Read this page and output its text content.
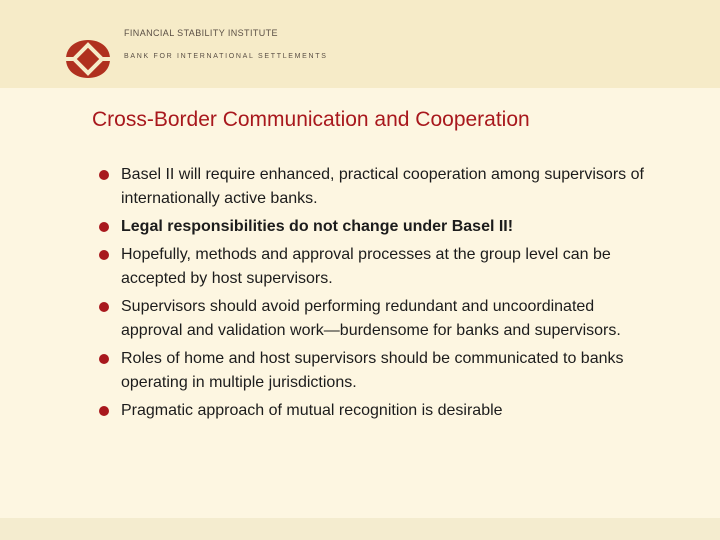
FINANCIAL STABILITY INSTITUTE
BANK FOR INTERNATIONAL SETTLEMENTS
Cross-Border Communication and Cooperation
Basel II will require enhanced, practical cooperation among supervisors of internationally active banks.
Legal responsibilities do not change under Basel II!
Hopefully, methods and approval processes at the group level can be accepted by host supervisors.
Supervisors should avoid performing redundant and uncoordinated approval and validation work—burdensome for banks and supervisors.
Roles of home and host supervisors should be communicated to banks operating in multiple jurisdictions.
Pragmatic approach of mutual recognition is desirable
